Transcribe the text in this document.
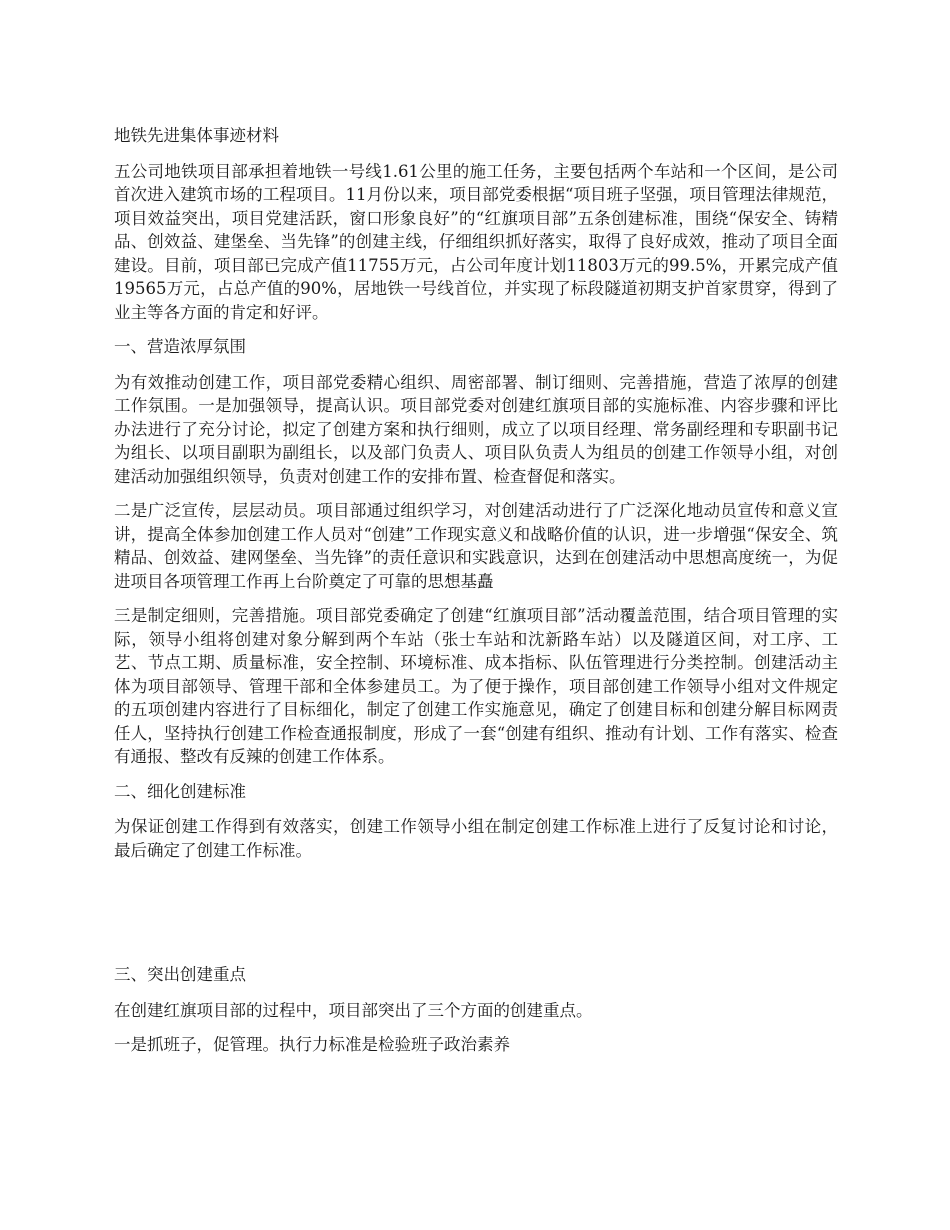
地铁先进集体事迹材料

五公司地铁项目部承担着地铁一号线1.61公里的施工任务，主要包括两个车站和一个区间，是公司首次进入建筑市场的工程项目。11月份以来，项目部党委根据“项目班子坚强，项目管理法律规范，项目效益突出，项目党建活跃，窗口形象良好”的“红旗项目部”五条创建标准，围绕“保安全、铸精品、创效益、建堡垒、当先锋”的创建主线，仔细组织抓好落实，取得了良好成效，推动了项目全面建设。目前，项目部已完成产值11755万元，占公司年度计划11803万元的99.5%，开累完成产值19565万元，占总产值的90%，居地铁一号线首位，并实现了标段隧道初期支护首家贯穿，得到了业主等各方面的肯定和好评。

一、营造浓厚氛围

为有效推动创建工作，项目部党委精心组织、周密部署、制订细则、完善措施，营造了浓厚的创建工作氛围。一是加强领导，提高认识。项目部党委对创建红旗项目部的实施标准、内容步骤和评比办法进行了充分讨论，拟定了创建方案和执行细则，成立了以项目经理、常务副经理和专职副书记为组长、以项目副职为副组长，以及部门负责人、项目队负责人为组员的创建工作领导小组，对创建活动加强组织领导，负责对创建工作的安排布置、检查督促和落实。

二是广泛宣传，层层动员。项目部通过组织学习，对创建活动进行了广泛深化地动员宣传和意义宣讲，提高全体参加创建工作人员对“创建”工作现实意义和战略价值的认识，进一步增强“保安全、筑精品、创效益、建网堡垒、当先锋”的责任意识和实践意识，达到在创建活动中思想高度统一，为促进项目各项管理工作再上台阶奠定了可靠的思想基矗

三是制定细则，完善措施。项目部党委确定了创建“红旗项目部”活动覆盖范围，结合项目管理的实际，领导小组将创建对象分解到两个车站（张士车站和沈新路车站）以及隧道区间，对工序、工艺、节点工期、质量标准，安全控制、环境标准、成本指标、队伍管理进行分类控制。创建活动主体为项目部领导、管理干部和全体参建员工。为了便于操作，项目部创建工作领导小组对文件规定的五项创建内容进行了目标细化，制定了创建工作实施意见，确定了创建目标和创建分解目标网责任人，坚持执行创建工作检查通报制度，形成了一套“创建有组织、推动有计划、工作有落实、检查有通报、整改有反辣的创建工作体系。

二、细化创建标准

为保证创建工作得到有效落实，创建工作领导小组在制定创建工作标准上进行了反复讨论和讨论，最后确定了创建工作标准。

三、突出创建重点

在创建红旗项目部的过程中，项目部突出了三个方面的创建重点。

一是抓班子，促管理。执行力标准是检验班子政治素养
